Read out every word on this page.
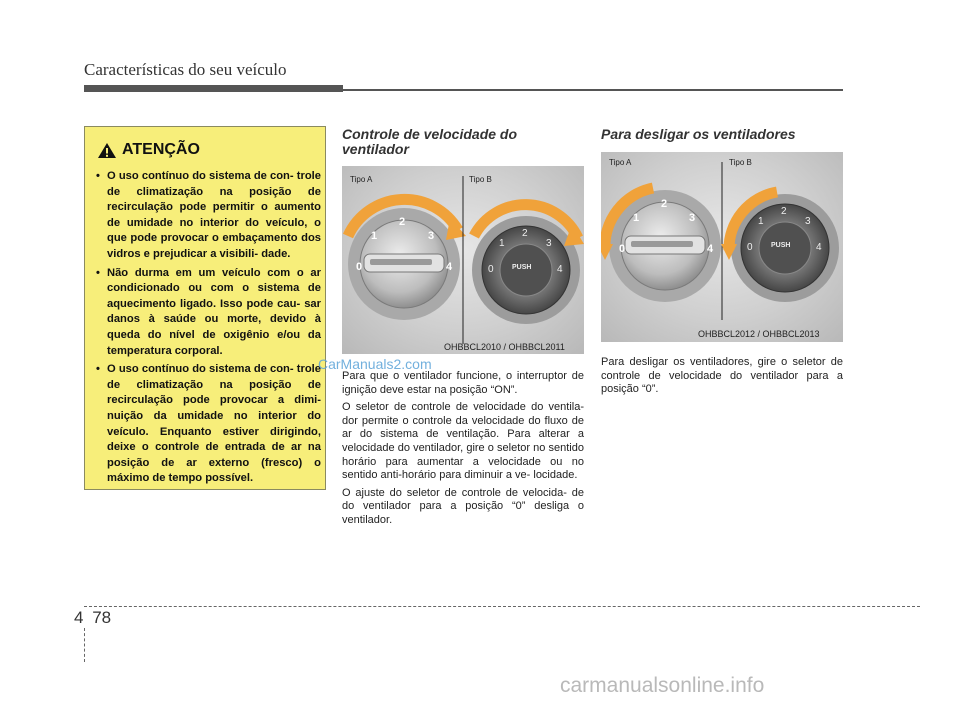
Características do seu veículo
ATENÇÃO
• O uso contínuo do sistema de con- trole de climatização na posição de recirculação pode permitir o aumento de umidade no interior do veículo, o que pode provocar o embaçamento dos vidros e prejudicar a visibili- dade.
• Não durma em um veículo com o ar condicionado ou com o sistema de aquecimento ligado. Isso pode cau- sar danos à saúde ou morte, devido à queda do nível de oxigênio e/ou da temperatura corporal.
• O uso contínuo do sistema de con- trole de climatização na posição de recirculação pode provocar a dimi- nuição da umidade no interior do veículo. Enquanto estiver dirigindo, deixe o controle de entrada de ar na posição de ar externo (fresco) o máximo de tempo possível.
Controle de velocidade do ventilador
0
1
2
3
4	0
1
2
3
4
PUSH
Tipo A	Tipo B
OHBBCL2010 / OHBBCL2011

Para que o ventilador funcione, o interruptor de ignição deve estar na posição “ON”.

O seletor de controle de velocidade do ventila- dor permite o controle da velocidade do fluxo de ar do sistema de ventilação. Para alterar a velocidade do ventilador, gire o seletor no sentido horário para aumentar a velocidade ou no sentido anti-horário para diminuir a ve- locidade.

O ajuste do seletor de controle de velocida- de do ventilador para a posição “0” desliga o ventilador.

Para desligar os ventiladores
0
1
2
3
4	0
1
2
3
4
PUSH
Tipo A	Tipo B
OHBBCL2012 / OHBBCL2013

Para desligar os ventiladores, gire o seletor de controle de velocidade do ventilador para a posição “0”.

CarManuals2.com
carmanualsonline.info
4 78
